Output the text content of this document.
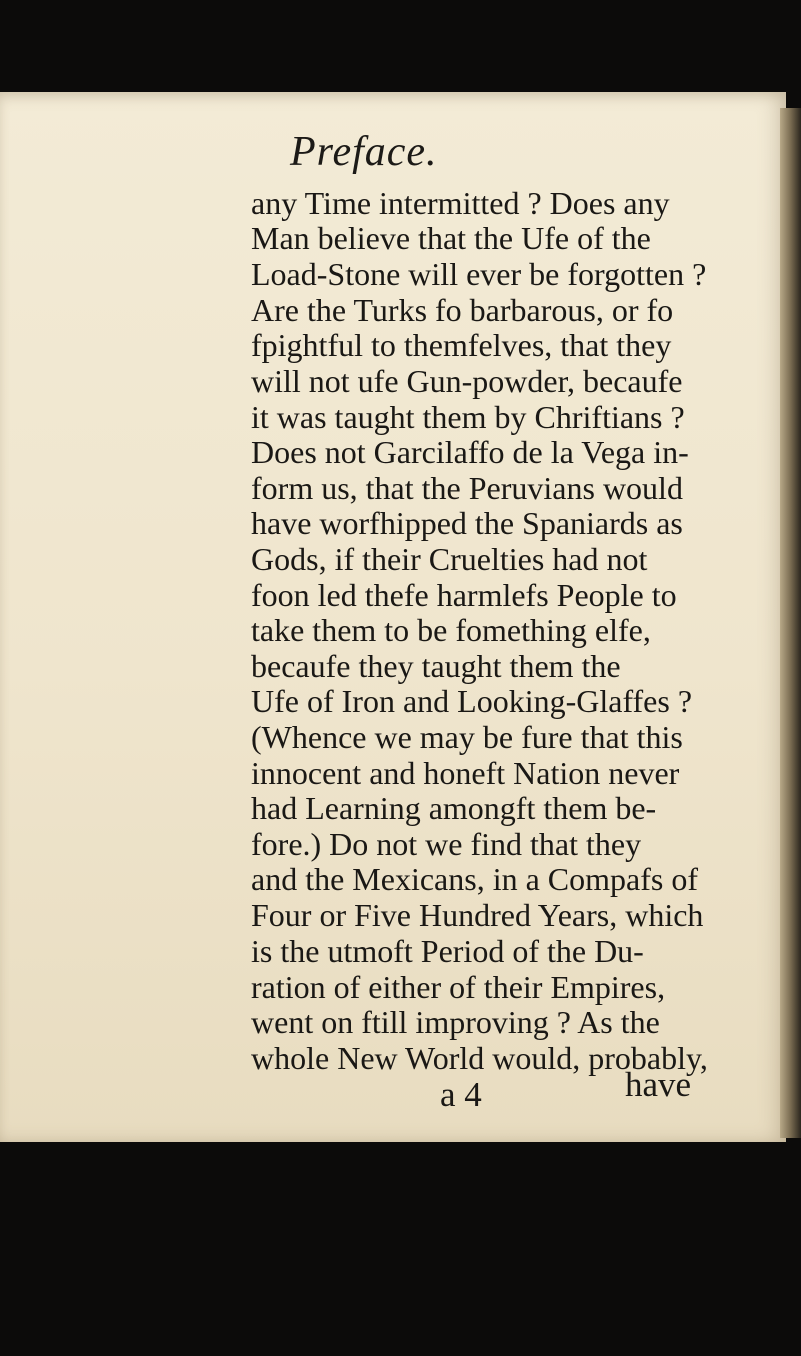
Preface.
any Time intermitted ? Does any
Man believe that the Ufe of the
Load-Stone will ever be forgotten ?
Are the Turks fo barbarous, or fo
fpightful to themfelves, that they
will not ufe Gun-powder, becaufe
it was taught them by Chriftians ?
Does not Garcilaffo de la Vega in-
form us, that the Peruvians would
have worfhipped the Spaniards as
Gods, if their Cruelties had not
foon led thefe harmlefs People to
take them to be fomething elfe,
becaufe they taught them the
Ufe of Iron and Looking-Glaffes ?
(Whence we may be fure that this
innocent and honeft Nation never
had Learning amongft them be-
fore.) Do not we find that they
and the Mexicans, in a Compafs of
Four or Five Hundred Years, which
is the utmoft Period of the Du-
ration of either of their Empires,
went on ftill improving ? As the
whole New World would, probably,
a 4	have
